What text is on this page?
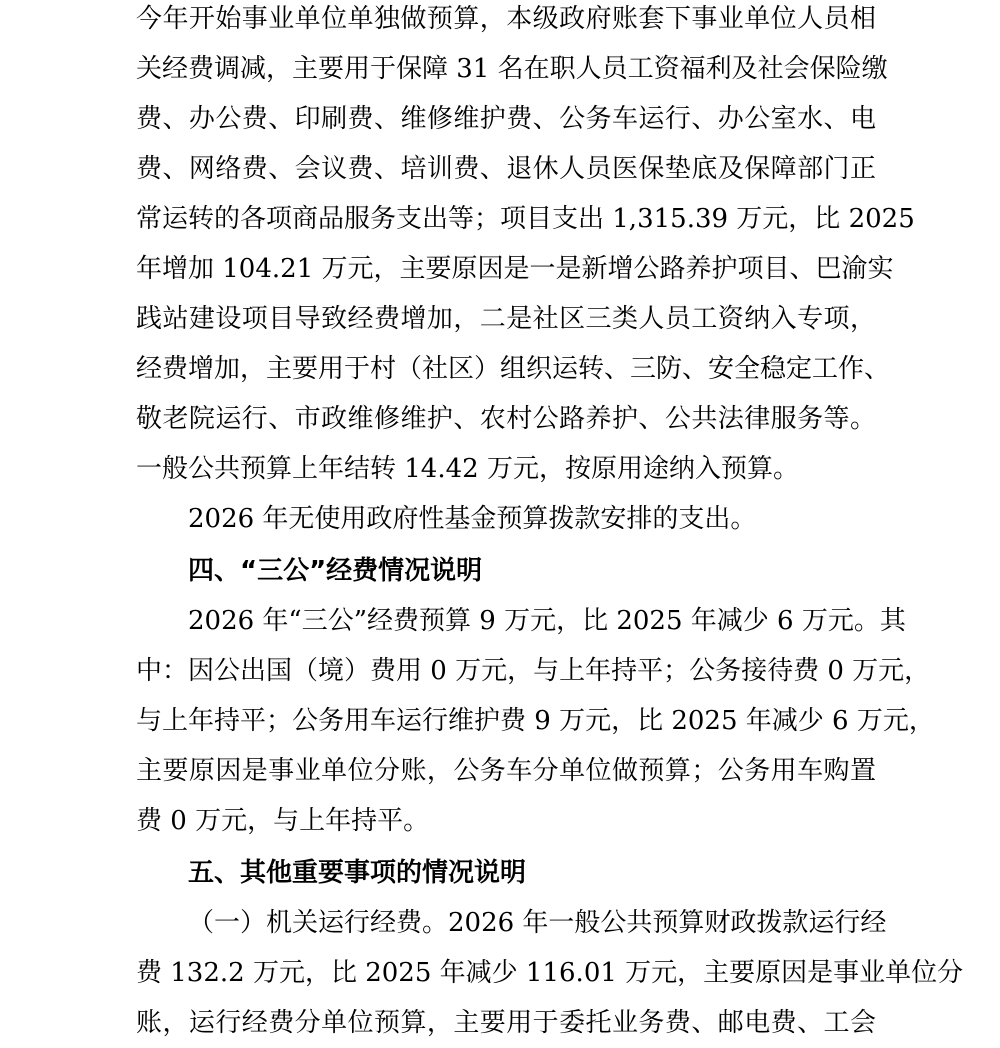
今年开始事业单位单独做预算，本级政府账套下事业单位人员相
关经费调减，主要用于保障 31 名在职人员工资福利及社会保险缴
费、办公费、印刷费、维修维护费、公务车运行、办公室水、电
费、网络费、会议费、培训费、退休人员医保垫底及保障部门正
常运转的各项商品服务支出等；项目支出 1,315.39 万元，比 2025
年增加 104.21 万元，主要原因是一是新增公路养护项目、巴渝实
践站建设项目导致经费增加，二是社区三类人员工资纳入专项，
经费增加，主要用于村（社区）组织运转、三防、安全稳定工作、
敬老院运行、市政维修维护、农村公路养护、公共法律服务等。
一般公共预算上年结转 14.42 万元，按原用途纳入预算。
2026 年无使用政府性基金预算拨款安排的支出。
四、“三公”经费情况说明
2026 年“三公”经费预算 9 万元，比 2025 年减少 6 万元。其
中：因公出国（境）费用 0 万元，与上年持平；公务接待费 0 万元，
与上年持平；公务用车运行维护费 9 万元，比 2025 年减少 6 万元，
主要原因是事业单位分账，公务车分单位做预算；公务用车购置
费 0 万元，与上年持平。
五、其他重要事项的情况说明
（一）机关运行经费。2026 年一般公共预算财政拨款运行经
费 132.2 万元，比 2025 年减少 116.01 万元，主要原因是事业单位分
账，运行经费分单位预算，主要用于委托业务费、邮电费、工会
